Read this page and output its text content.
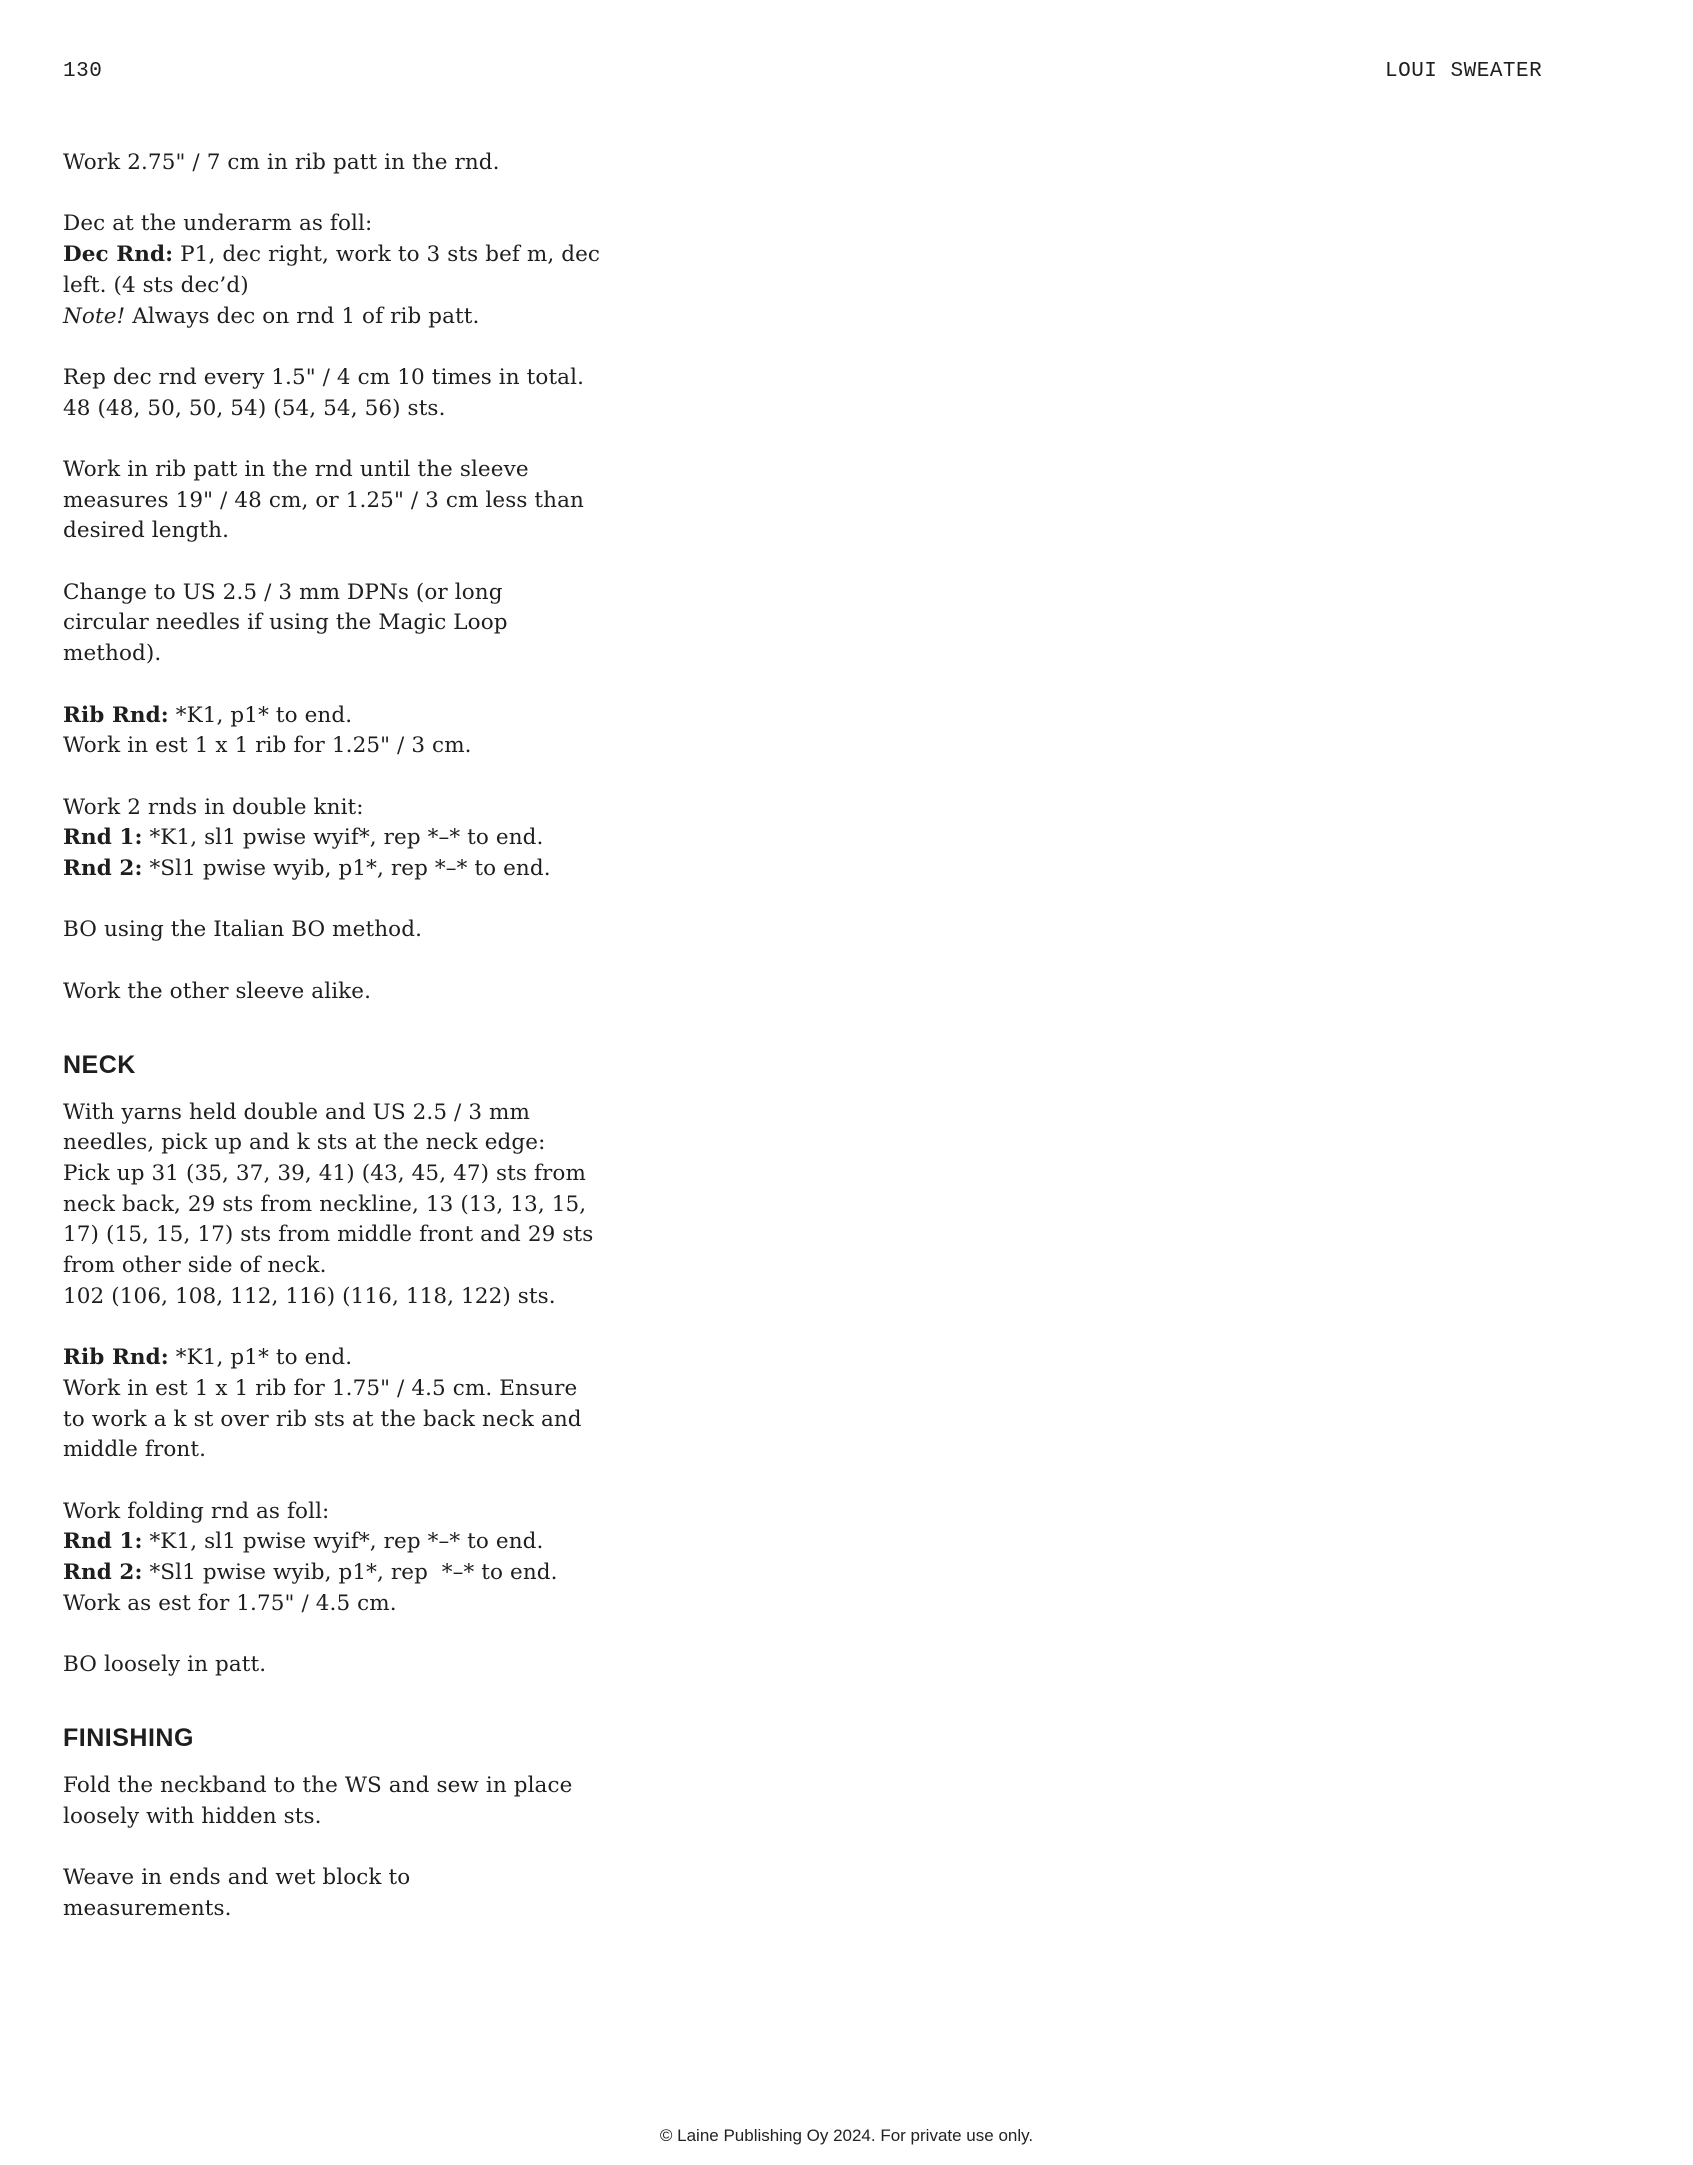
130	LOUI SWEATER
Work 2.75" / 7 cm in rib patt in the rnd.
Dec at the underarm as foll:
Dec Rnd: P1, dec right, work to 3 sts bef m, dec
left. (4 sts dec’d)
Note! Always dec on rnd 1 of rib patt.
Rep dec rnd every 1.5" / 4 cm 10 times in total.
48 (48, 50, 50, 54) (54, 54, 56) sts.
Work in rib patt in the rnd until the sleeve
measures 19" / 48 cm, or 1.25" / 3 cm less than
desired length.
Change to US 2.5 / 3 mm DPNs (or long
circular needles if using the Magic Loop
method).
Rib Rnd: *K1, p1* to end.
Work in est 1 x 1 rib for 1.25" / 3 cm.
Work 2 rnds in double knit:
Rnd 1: *K1, sl1 pwise wyif*, rep *–* to end.
Rnd 2: *Sl1 pwise wyib, p1*, rep *–* to end.
BO using the Italian BO method.
Work the other sleeve alike.
NECK
With yarns held double and US 2.5 / 3 mm
needles, pick up and k sts at the neck edge:
Pick up 31 (35, 37, 39, 41) (43, 45, 47) sts from
neck back, 29 sts from neckline, 13 (13, 13, 15,
17) (15, 15, 17) sts from middle front and 29 sts
from other side of neck.
102 (106, 108, 112, 116) (116, 118, 122) sts.
Rib Rnd: *K1, p1* to end.
Work in est 1 x 1 rib for 1.75" / 4.5 cm. Ensure
to work a k st over rib sts at the back neck and
middle front.
Work folding rnd as foll:
Rnd 1: *K1, sl1 pwise wyif*, rep *–* to end.
Rnd 2: *Sl1 pwise wyib, p1*, rep  *–* to end.
Work as est for 1.75" / 4.5 cm.
BO loosely in patt.
FINISHING
Fold the neckband to the WS and sew in place
loosely with hidden sts.
Weave in ends and wet block to
measurements.
© Laine Publishing Oy 2024. For private use only.
